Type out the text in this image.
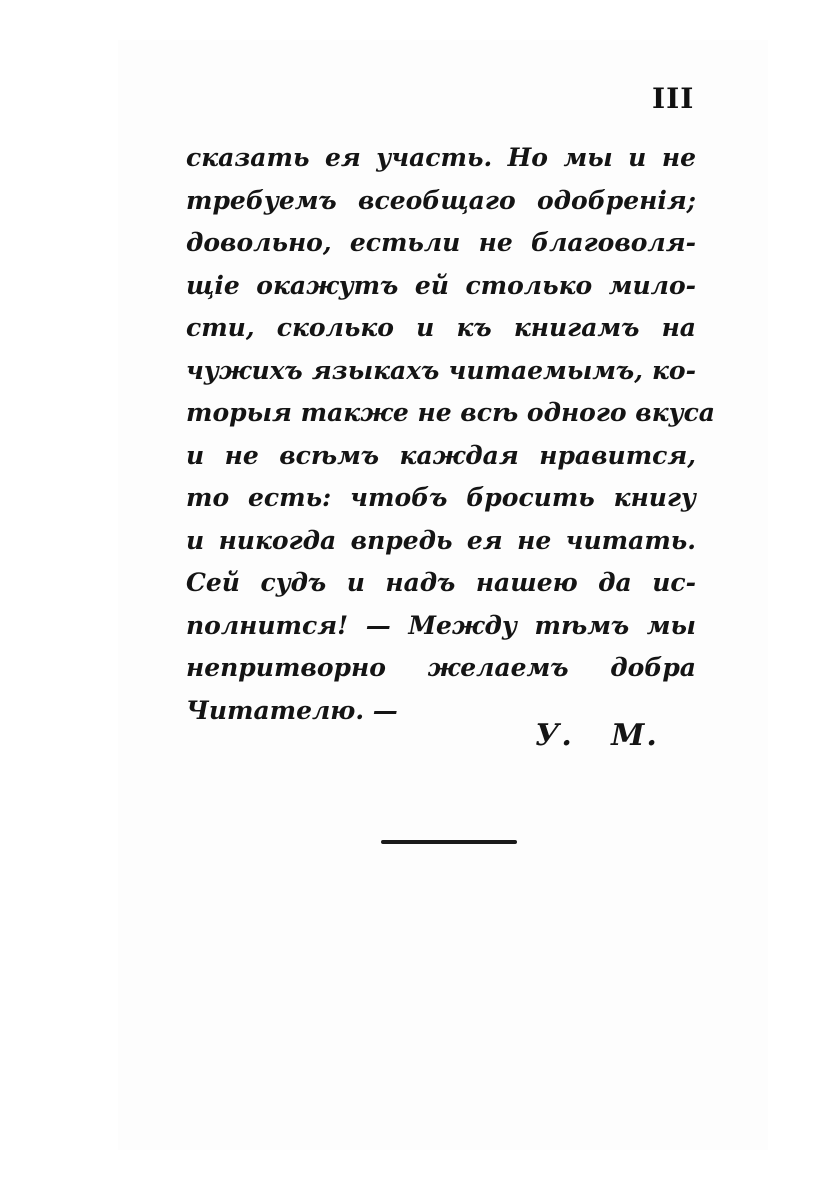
III
сказать ея участь. Но мы и не
требуемъ всеобщаго одобренія;
довольно, естьли не благоволя-
щіе окажутъ ей столько мило-
сти, сколько и къ книгамъ на
чужихъ языкахъ читаемымъ, ко-
торыя также не всѣ одного вкуса
и не всѣмъ каждая нравится,
то есть: чтобъ бросить книгу
и никогда впредь ея не читать.
Сей судъ и надъ нашею да ис-
полнится! — Между тѣмъ мы
непритворно желаемъ добра
Читателю. —
У.   М.
